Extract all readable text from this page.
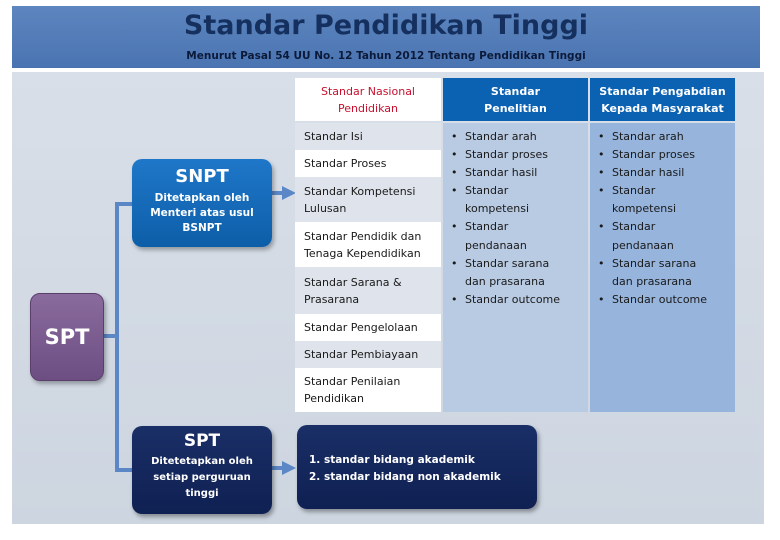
Standar Pendidikan Tinggi
Menurut Pasal 54 UU No. 12 Tahun 2012 Tentang Pendidikan Tinggi
SPT
SNPT
Ditetapkan oleh
Menteri atas usul
BSNPT
SPT
Ditetetapkan oleh
setiap perguruan
tinggi
1. standar bidang akademik
2. standar bidang non akademik
Standar Nasional
Pendidikan
Standar
Penelitian
Standar Pengabdian
Kepada Masyarakat
Standar Isi
Standar Proses
Standar Kompetensi
Lulusan
Standar Pendidik dan
Tenaga Kependidikan
Standar Sarana &
Prasarana
Standar Pengelolaan
Standar Pembiayaan
Standar Penilaian
Pendidikan
• Standar arah
• Standar proses
• Standar hasil
• Standar
kompetensi
• Standar
pendanaan
• Standar sarana
dan prasarana
• Standar outcome
• Standar arah
• Standar proses
• Standar hasil
• Standar
kompetensi
• Standar
pendanaan
• Standar sarana
dan prasarana
• Standar outcome
